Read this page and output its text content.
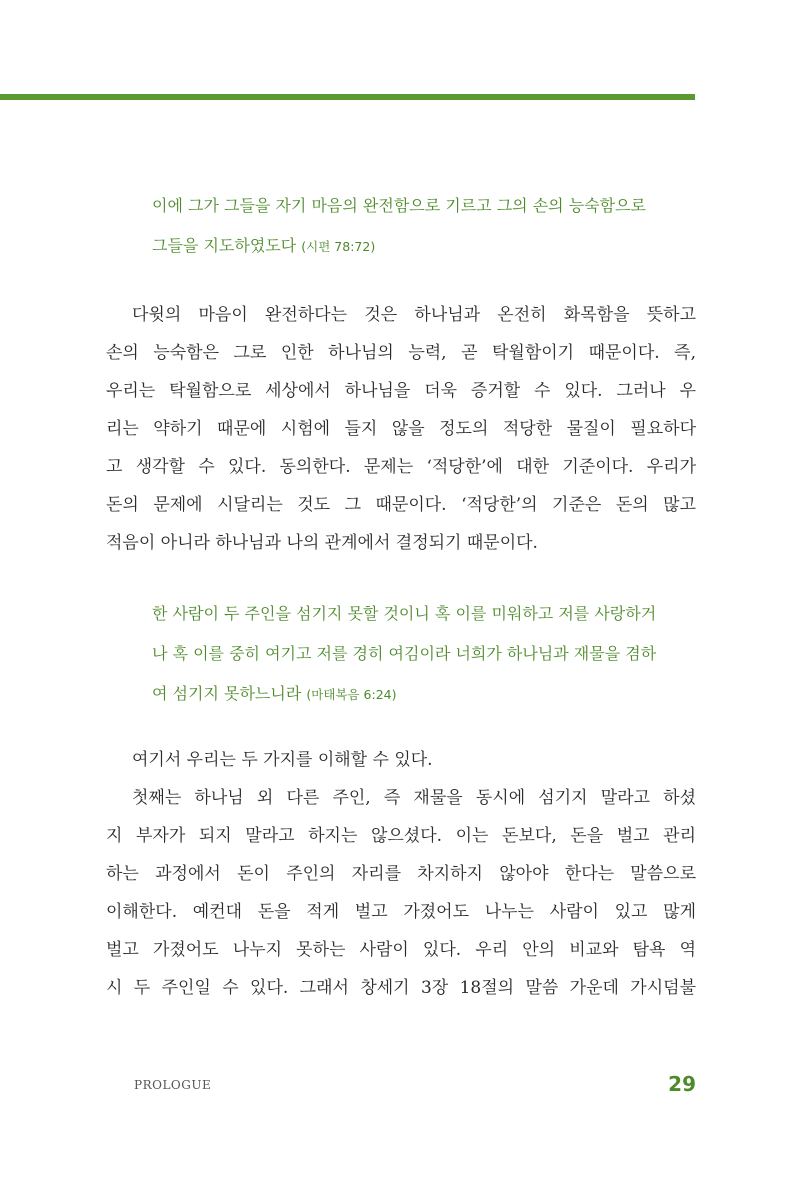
이에 그가 그들을 자기 마음의 완전함으로 기르고 그의 손의 능숙함으로
그들을 지도하였도다 (시편 78:72)
다윗의 마음이 완전하다는 것은 하나님과 온전히 화목함을 뜻하고
손의 능숙함은 그로 인한 하나님의 능력, 곧 탁월함이기 때문이다. 즉,
우리는 탁월함으로 세상에서 하나님을 더욱 증거할 수 있다. 그러나 우
리는 약하기 때문에 시험에 들지 않을 정도의 적당한 물질이 필요하다
고 생각할 수 있다. 동의한다. 문제는 ‘적당한’에 대한 기준이다. 우리가
돈의 문제에 시달리는 것도 그 때문이다. ‘적당한’의 기준은 돈의 많고
적음이 아니라 하나님과 나의 관계에서 결정되기 때문이다.
한 사람이 두 주인을 섬기지 못할 것이니 혹 이를 미워하고 저를 사랑하거
나 혹 이를 중히 여기고 저를 경히 여김이라 너희가 하나님과 재물을 겸하
여 섬기지 못하느니라 (마태복음 6:24)
여기서 우리는 두 가지를 이해할 수 있다.
첫째는 하나님 외 다른 주인, 즉 재물을 동시에 섬기지 말라고 하셨
지 부자가 되지 말라고 하지는 않으셨다. 이는 돈보다, 돈을 벌고 관리
하는 과정에서 돈이 주인의 자리를 차지하지 않아야 한다는 말씀으로
이해한다. 예컨대 돈을 적게 벌고 가졌어도 나누는 사람이 있고 많게
벌고 가졌어도 나누지 못하는 사람이 있다. 우리 안의 비교와 탐욕 역
시 두 주인일 수 있다. 그래서 창세기 3장 18절의 말씀 가운데 가시덤불
PROLOGUE	29
